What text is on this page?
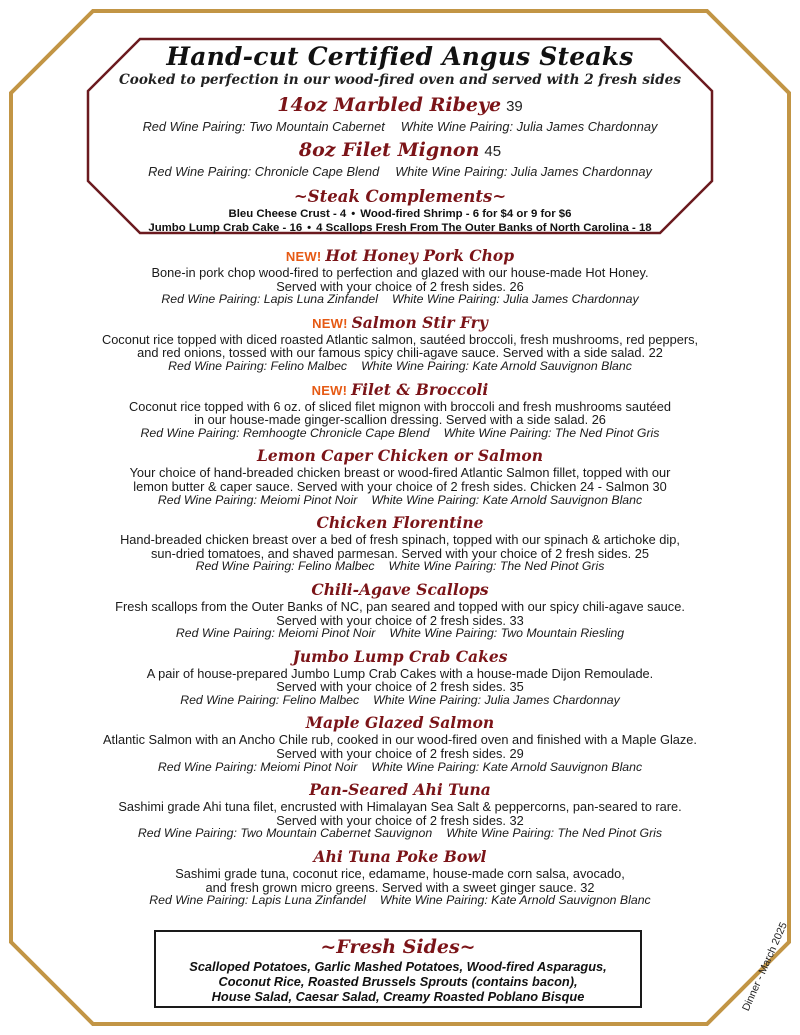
Hand-cut Certified Angus Steaks
Cooked to perfection in our wood-fired oven and served with 2 fresh sides
14oz Marbled Ribeye 39
Red Wine Pairing: Two Mountain Cabernet White Wine Pairing: Julia James Chardonnay
8oz Filet Mignon 45
Red Wine Pairing: Chronicle Cape Blend White Wine Pairing: Julia James Chardonnay
~Steak Complements~
Bleu Cheese Crust - 4 • Wood-fired Shrimp - 6 for $4 or 9 for $6
Jumbo Lump Crab Cake - 16 • 4 Scallops Fresh From The Outer Banks of North Carolina - 18
NEW! Hot Honey Pork Chop
Bone-in pork chop wood-fired to perfection and glazed with our house-made Hot Honey.
Served with your choice of 2 fresh sides. 26
Red Wine Pairing: Lapis Luna Zinfandel White Wine Pairing: Julia James Chardonnay
NEW! Salmon Stir Fry
Coconut rice topped with diced roasted Atlantic salmon, sautéed broccoli, fresh mushrooms, red peppers,
and red onions, tossed with our famous spicy chili-agave sauce. Served with a side salad. 22
Red Wine Pairing: Felino Malbec White Wine Pairing: Kate Arnold Sauvignon Blanc
NEW! Filet & Broccoli
Coconut rice topped with 6 oz. of sliced filet mignon with broccoli and fresh mushrooms sautéed
in our house-made ginger-scallion dressing. Served with a side salad. 26
Red Wine Pairing: Remhoogte Chronicle Cape Blend White Wine Pairing: The Ned Pinot Gris
Lemon Caper Chicken or Salmon
Your choice of hand-breaded chicken breast or wood-fired Atlantic Salmon fillet, topped with our
lemon butter & caper sauce. Served with your choice of 2 fresh sides. Chicken 24 - Salmon 30
Red Wine Pairing: Meiomi Pinot Noir White Wine Pairing: Kate Arnold Sauvignon Blanc
Chicken Florentine
Hand-breaded chicken breast over a bed of fresh spinach, topped with our spinach & artichoke dip,
sun-dried tomatoes, and shaved parmesan. Served with your choice of 2 fresh sides. 25
Red Wine Pairing: Felino Malbec White Wine Pairing: The Ned Pinot Gris
Chili-Agave Scallops
Fresh scallops from the Outer Banks of NC, pan seared and topped with our spicy chili-agave sauce.
Served with your choice of 2 fresh sides. 33
Red Wine Pairing: Meiomi Pinot Noir White Wine Pairing: Two Mountain Riesling
Jumbo Lump Crab Cakes
A pair of house-prepared Jumbo Lump Crab Cakes with a house-made Dijon Remoulade.
Served with your choice of 2 fresh sides. 35
Red Wine Pairing: Felino Malbec White Wine Pairing: Julia James Chardonnay
Maple Glazed Salmon
Atlantic Salmon with an Ancho Chile rub, cooked in our wood-fired oven and finished with a Maple Glaze.
Served with your choice of 2 fresh sides. 29
Red Wine Pairing: Meiomi Pinot Noir White Wine Pairing: Kate Arnold Sauvignon Blanc
Pan-Seared Ahi Tuna
Sashimi grade Ahi tuna filet, encrusted with Himalayan Sea Salt & peppercorns, pan-seared to rare.
Served with your choice of 2 fresh sides. 32
Red Wine Pairing: Two Mountain Cabernet Sauvignon White Wine Pairing: The Ned Pinot Gris
Ahi Tuna Poke Bowl
Sashimi grade tuna, coconut rice, edamame, house-made corn salsa, avocado,
and fresh grown micro greens. Served with a sweet ginger sauce. 32
Red Wine Pairing: Lapis Luna Zinfandel White Wine Pairing: Kate Arnold Sauvignon Blanc
~Fresh Sides~
Scalloped Potatoes, Garlic Mashed Potatoes, Wood-fired Asparagus,
Coconut Rice, Roasted Brussels Sprouts (contains bacon),
House Salad, Caesar Salad, Creamy Roasted Poblano Bisque	Dinner - March 2025
